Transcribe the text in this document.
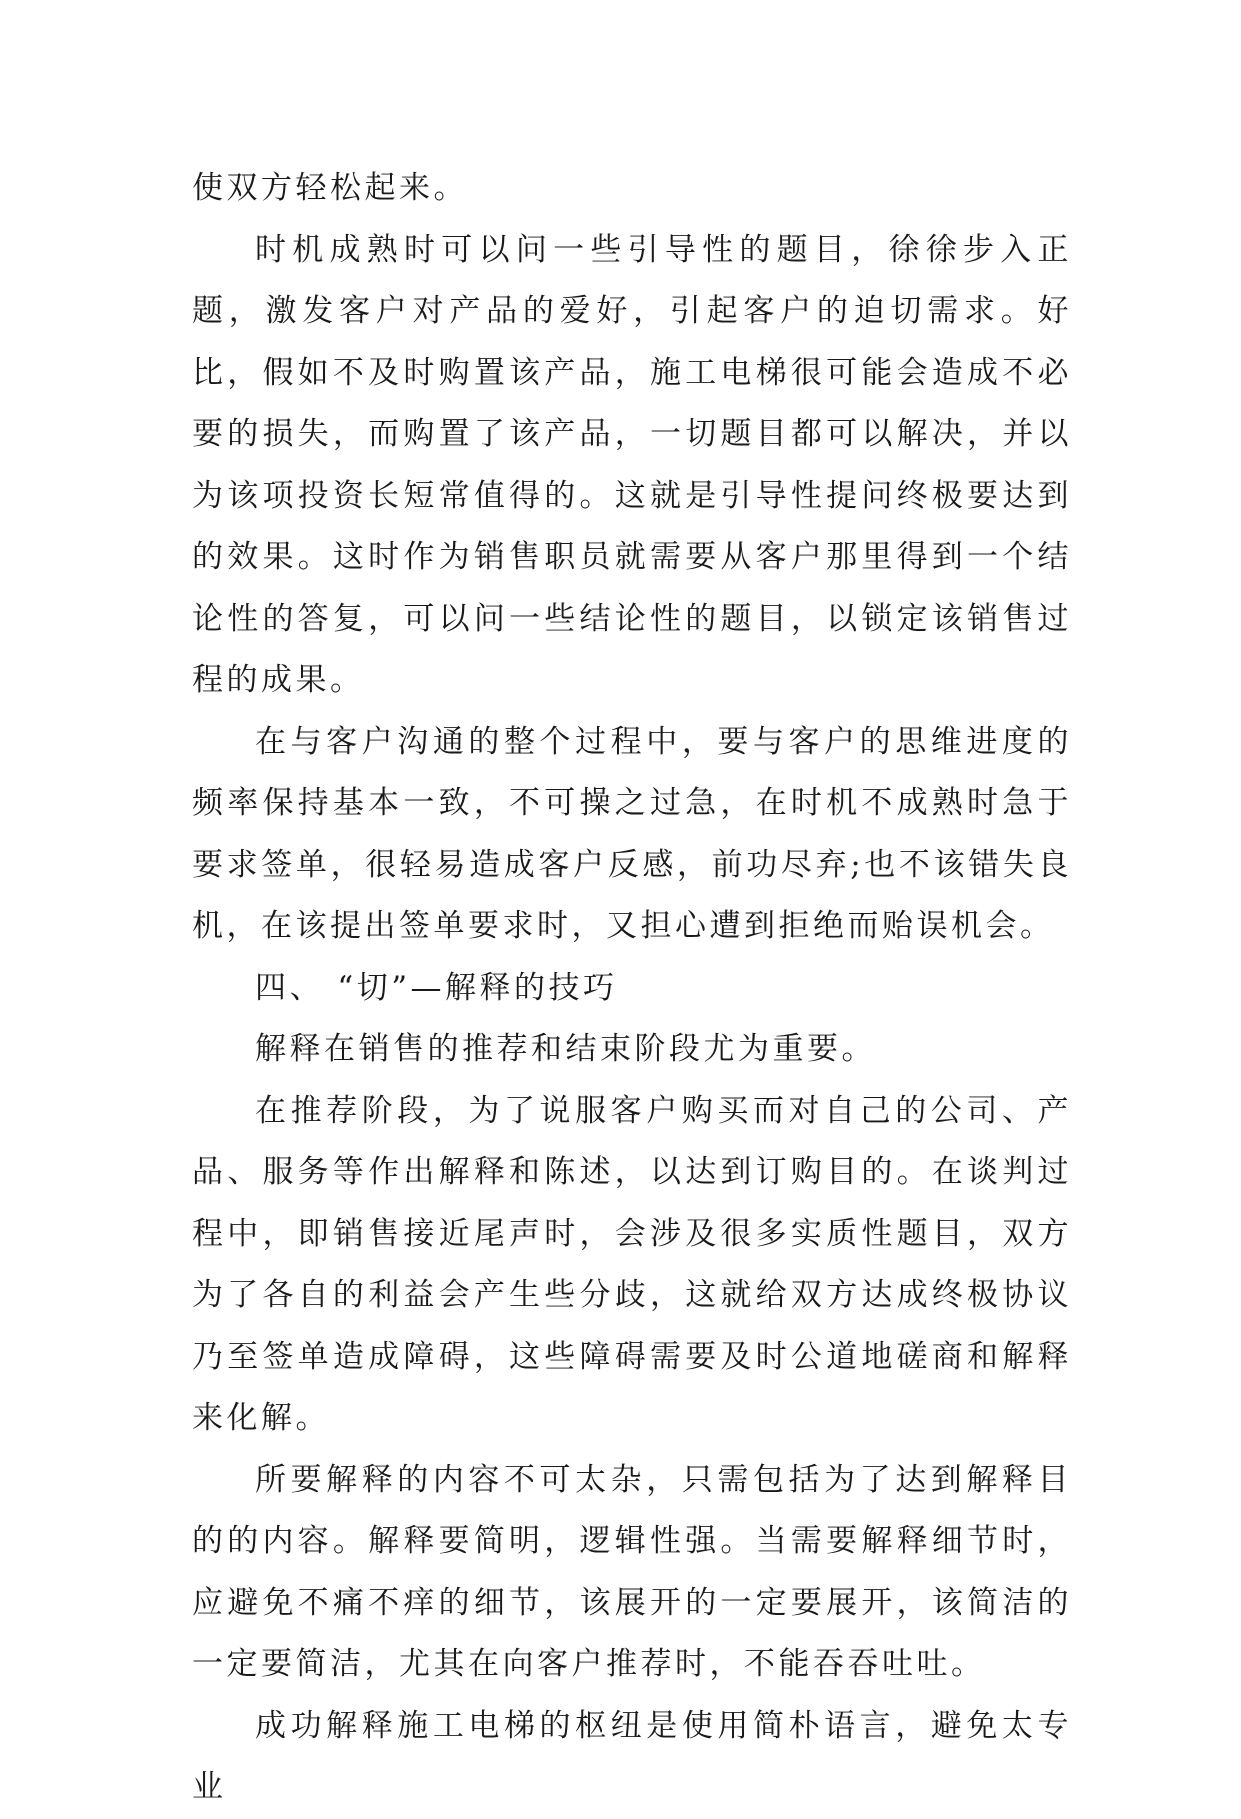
使双方轻松起来。

时机成熟时可以问一些引导性的题目，徐徐步入正题，激发客户对产品的爱好，引起客户的迫切需求。好比，假如不及时购置该产品，施工电梯很可能会造成不必要的损失，而购置了该产品，一切题目都可以解决，并以为该项投资长短常值得的。这就是引导性提问终极要达到的效果。这时作为销售职员就需要从客户那里得到一个结论性的答复，可以问一些结论性的题目，以锁定该销售过程的成果。

在与客户沟通的整个过程中，要与客户的思维进度的频率保持基本一致，不可操之过急，在时机不成熟时急于要求签单，很轻易造成客户反感，前功尽弃;也不该错失良机，在该提出签单要求时，又担心遭到拒绝而贻误机会。

四、 “切”—解释的技巧

解释在销售的推荐和结束阶段尤为重要。

在推荐阶段，为了说服客户购买而对自己的公司、产品、服务等作出解释和陈述，以达到订购目的。在谈判过程中，即销售接近尾声时，会涉及很多实质性题目，双方为了各自的利益会产生些分歧，这就给双方达成终极协议乃至签单造成障碍，这些障碍需要及时公道地磋商和解释来化解。

所要解释的内容不可太杂，只需包括为了达到解释目的的内容。解释要简明，逻辑性强。当需要解释细节时，应避免不痛不痒的细节，该展开的一定要展开，该简洁的一定要简洁，尤其在向客户推荐时，不能吞吞吐吐。

成功解释施工电梯的枢纽是使用简朴语言，避免太专业
